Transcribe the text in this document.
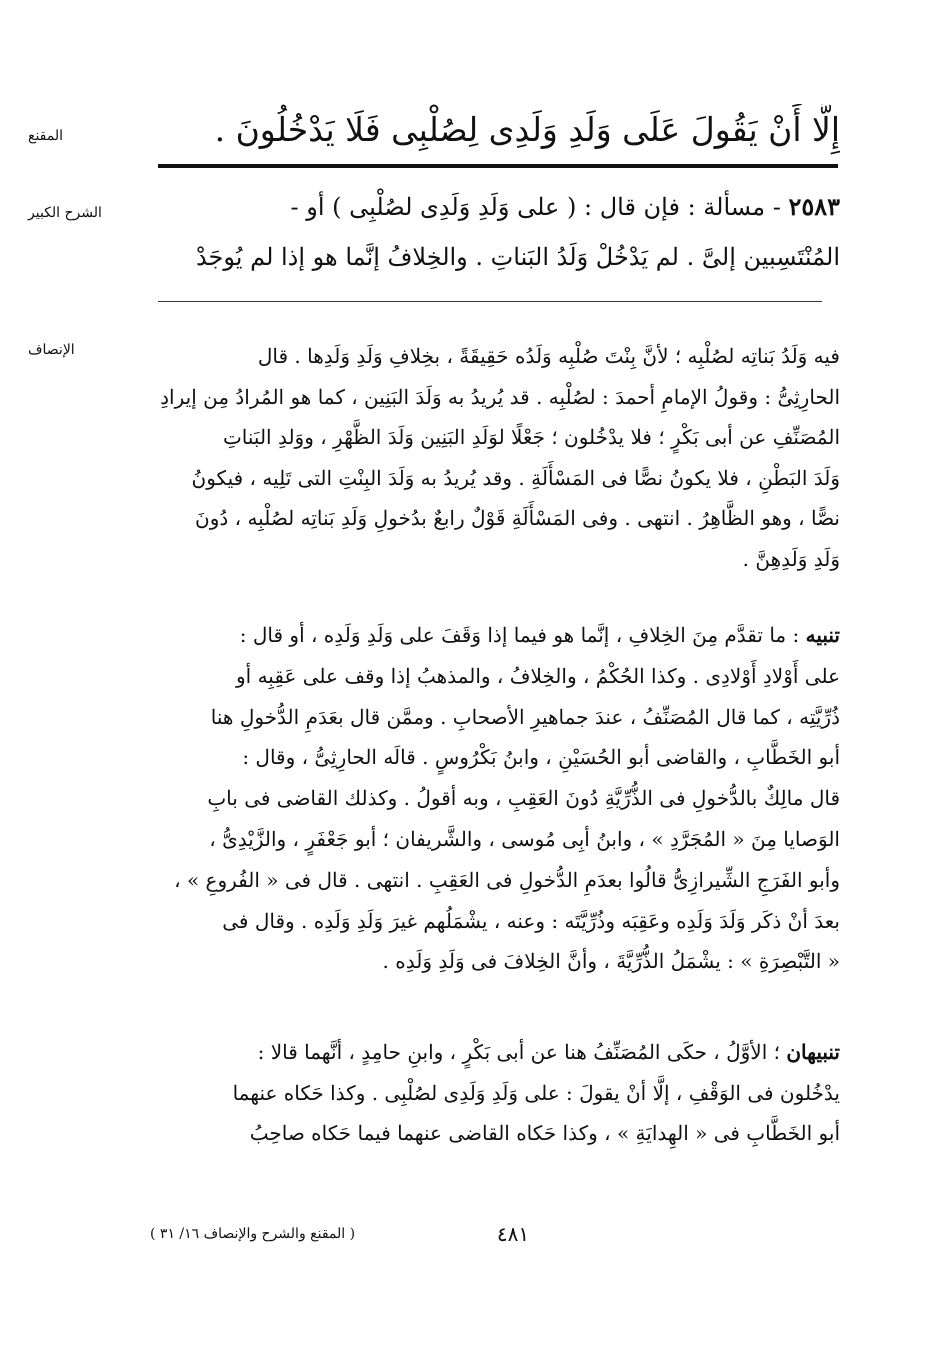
المقنع
الشرح الكبير
الإنصاف
إِلَّا أَنْ يَقُولَ عَلَى وَلَدِ وَلَدِى لِصُلْبِى فَلَا يَدْخُلُونَ .
٢٥٨٣ - مسألة : فإن قال : ( على وَلَدِ وَلَدِى لصُلْبِى ) أو -
المُنْتَسِبين إلىَّ . لم يَدْخُلْ وَلَدُ البَناتِ . والخِلافُ إنَّما هو إذا لم يُوجَدْ
فيه وَلَدُ بَناتِه لصُلْبِه ؛ لأنَّ بِنْتَ صُلْبِه وَلَدُه حَقِيقَةً ، بخِلافِ وَلَدِ وَلَدِها . قال
الحارِثِىُّ : وقولُ الإمامِ أحمدَ : لصُلْبِه . قد يُريدُ به وَلَدَ البَنِين ، كما هو المُرادُ مِن إيرادِ
المُصَنِّفِ عن أبى بَكْرٍ ؛ فلا يدْخُلون ؛ جَعْلًا لوَلَدِ البَنِين وَلَدَ الظَّهْرِ ، ووَلدِ البَناتِ
وَلَدَ البَطْنِ ، فلا يكونُ نصًّا فى المَسْأَلَةِ . وقد يُريدُ به وَلَدَ البِنْتِ التى تَلِيه ، فيكونُ
نصًّا ، وهو الظَّاهِرُ . انتهى . وفى المَسْأَلَةِ قَوْلٌ رابعٌ بدُخولِ وَلَدِ بَناتِه لصُلْبِه ، دُونَ
وَلَدِ وَلَدِهِنَّ .
تنبيه : ما تقدَّم مِنَ الخِلافِ ، إنَّما هو فيما إذا وَقَفَ على وَلَدِ وَلَدِه ، أو قال :
على أَوْلادِ أَوْلادِى . وكذا الحُكْمُ ، والخِلافُ ، والمذهبُ إذا وقف على عَقِبِه أو
ذُرِّيَّتِه ، كما قال المُصَنِّفُ ، عندَ جماهيرِ الأصحابِ . وممَّن قال بعَدَمِ الدُّخولِ هنا
أبو الخَطَّابِ ، والقاضى أبو الحُسَيْنِ ، وابنُ بَكْرُوسٍ . قالَه الحارِثِىُّ ، وقال :
قال مالِكٌ بالدُّخولِ فى الذُّرِّيَّةِ دُونَ العَقِبِ ، وبه أقولُ . وكذلك القاضى فى بابِ
الوَصايا مِنَ « المُجَرَّدِ » ، وابنُ أبِى مُوسى ، والشَّريفان ؛ أبو جَعْفَرٍ ، والزَّيْدِىُّ ،
وأبو الفَرَجِ الشِّيرازِىُّ قالُوا بعدَمِ الدُّخولِ فى العَقِبِ . انتهى . قال فى « الفُروعِ » ،
بعدَ أنْ ذكَر وَلَدَ وَلَدِه وعَقِبَه وذُرِّيَّتَه : وعنه ، يشْمَلُهم غيرَ وَلَدِ وَلَدِه . وقال فى
« التَّبْصِرَةِ » : يشْمَلُ الذُّرِّيَّةَ ، وأنَّ الخِلافَ فى وَلَدِ وَلَدِه .
تنبيهان ؛ الأوَّلُ ، حكَى المُصَنِّفُ هنا عن أبى بَكْرٍ ، وابنِ حامِدٍ ، أنَّهما قالا :
يدْخُلون فى الوَقْفِ ، إلَّا أنْ يقولَ : على وَلَدِ وَلَدِى لصُلْبِى . وكذا حَكاه عنهما
أبو الخَطَّابِ فى « الهِدايَةِ » ، وكذا حَكاه القاضى عنهما فيما حَكاه صاحِبُ
٤٨١
( المقنع والشرح والإنصاف ١٦/ ٣١ )
